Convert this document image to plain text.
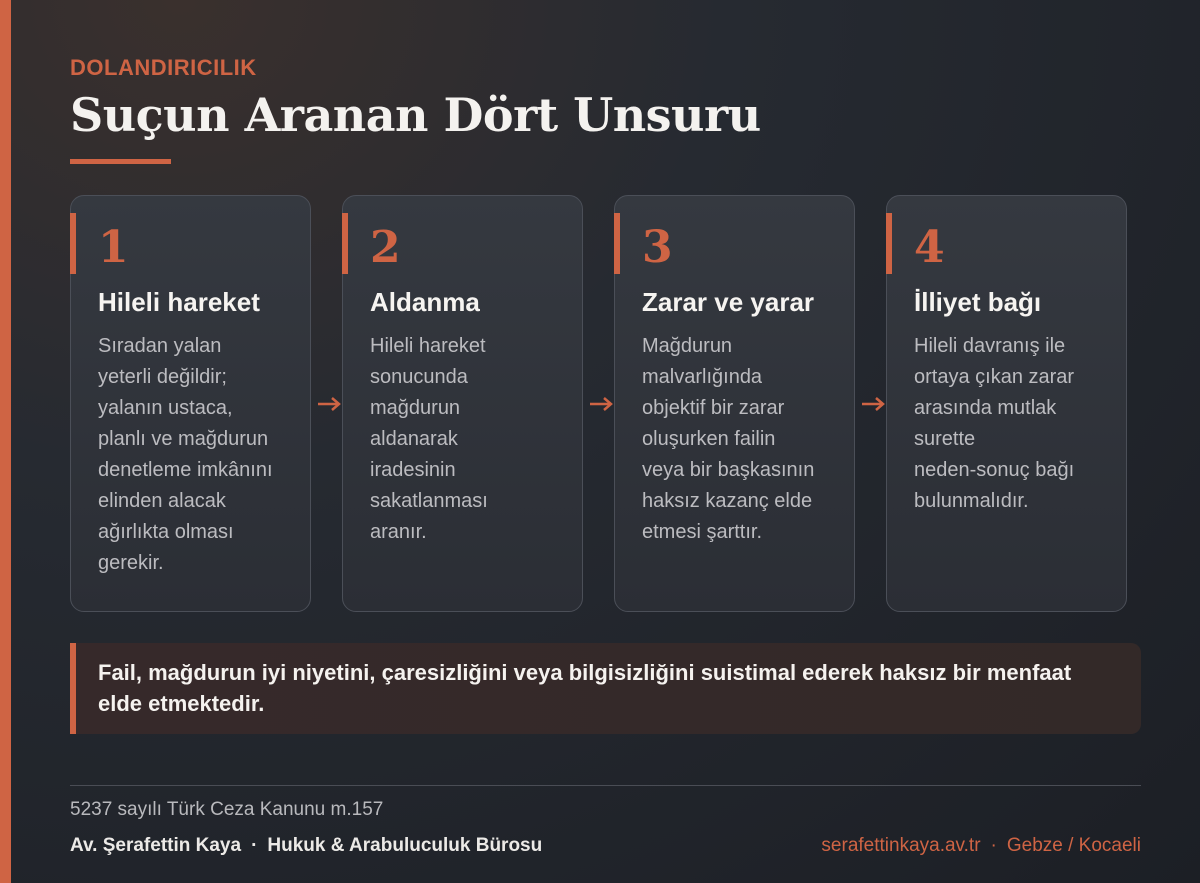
DOLANDIRICILIK
Suçun Aranan Dört Unsuru
1
Hileli hareket
Sıradan yalan
yeterli değildir;
yalanın ustaca,
planlı ve mağdurun
denetleme imkânını
elinden alacak
ağırlıkta olması
gerekir.
2
Aldanma
Hileli hareket
sonucunda
mağdurun
aldanarak
iradesinin
sakatlanması
aranır.
3
Zarar ve yarar
Mağdurun
malvarlığında
objektif bir zarar
oluşurken failin
veya bir başkasının
haksız kazanç elde
etmesi şarttır.
4
İlliyet bağı
Hileli davranış ile
ortaya çıkan zarar
arasında mutlak
surette
neden-sonuç bağı
bulunmalıdır.
Fail, mağdurun iyi niyetini, çaresizliğini veya bilgisizliğini suistimal ederek haksız bir menfaat elde etmektedir.
5237 sayılı Türk Ceza Kanunu m.157
Av. Şerafettin Kaya · Hukuk & Arabuluculuk Bürosu	serafettinkaya.av.tr · Gebze / Kocaeli
